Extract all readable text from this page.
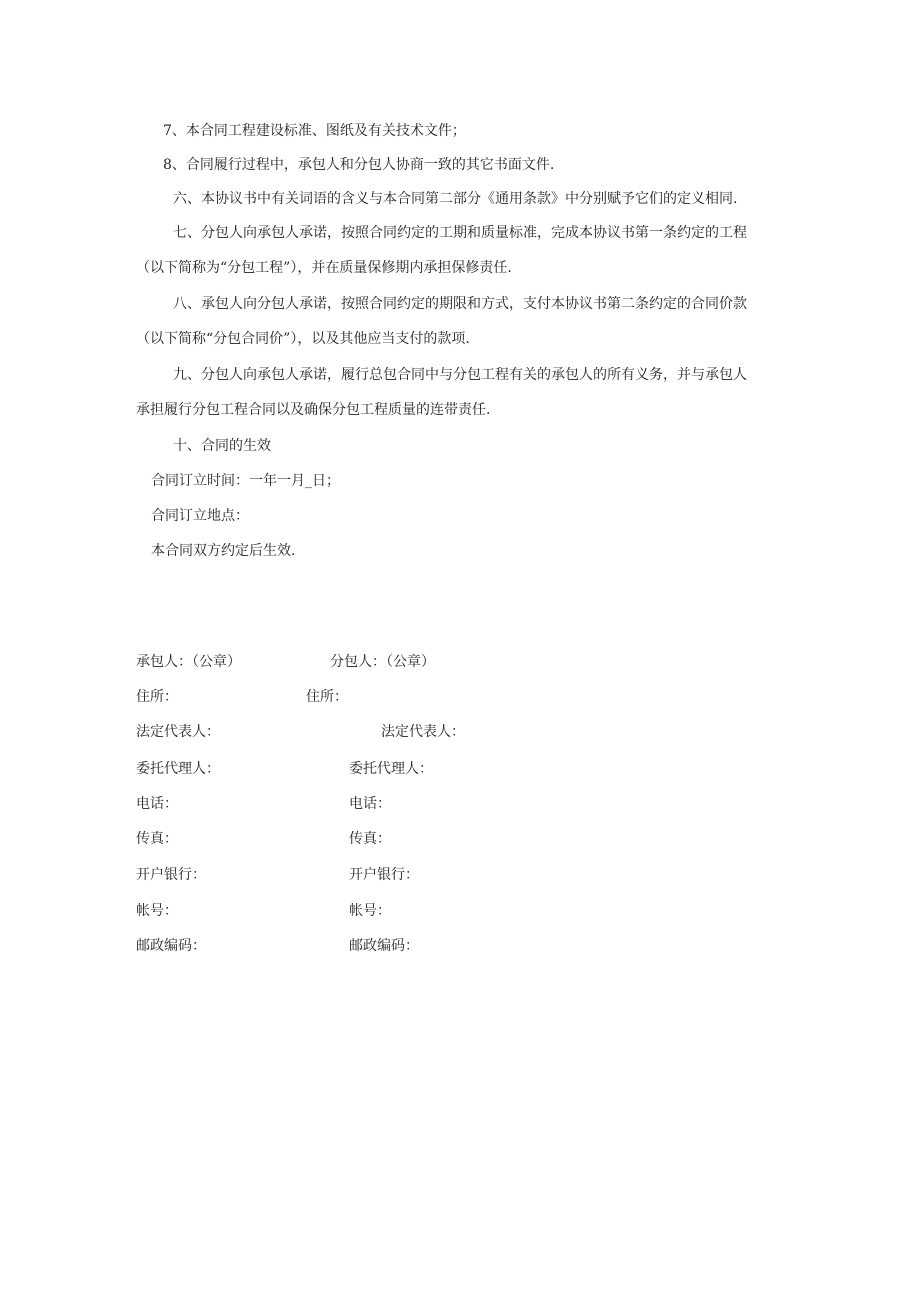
7、本合同工程建设标准、图纸及有关技术文件；
8、合同履行过程中，承包人和分包人协商一致的其它书面文件.
六、本协议书中有关词语的含义与本合同第二部分《通用条款》中分别赋予它们的定义相同.
七、分包人向承包人承诺，按照合同约定的工期和质量标准，完成本协议书第一条约定的工程
（以下简称为“分包工程”），并在质量保修期内承担保修责任.
八、承包人向分包人承诺，按照合同约定的期限和方式，支付本协议书第二条约定的合同价款
（以下简称“分包合同价”），以及其他应当支付的款项.
九、分包人向承包人承诺，履行总包合同中与分包工程有关的承包人的所有义务，并与承包人
承担履行分包工程合同以及确保分包工程质量的连带责任.
十、合同的生效
合同订立时间：一年一月_日；
合同订立地点：
本合同双方约定后生效.
承包人：（公章）
住所：
法定代表人：
委托代理人：
电话：
传真：
开户银行：
帐号：
邮政编码：
分包人：（公章）
住所：
法定代表人：
委托代理人：
电话：
传真：
开户银行：
帐号：
邮政编码：
